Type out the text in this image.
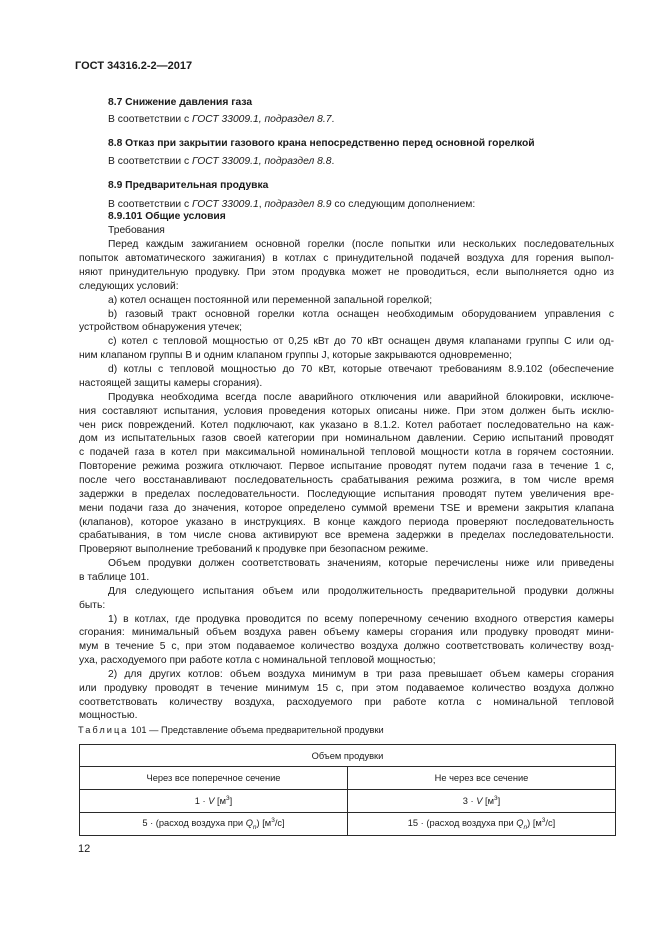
ГОСТ 34316.2-2—2017
8.7 Снижение давления газа
В соответствии с ГОСТ 33009.1, подраздел 8.7.
8.8 Отказ при закрытии газового крана непосредственно перед основной горелкой
В соответствии с ГОСТ 33009.1, подраздел 8.8.
8.9 Предварительная продувка
В соответствии с ГОСТ 33009.1, подраздел 8.9 со следующим дополнением:
8.9.101 Общие условия
Требования
Перед каждым зажиганием основной горелки (после попытки или нескольких последовательных
попыток автоматического зажигания) в котлах с принудительной подачей воздуха для горения выпол-
няют принудительную продувку. При этом продувка может не проводиться, если выполняется одно из
следующих условий:
а) котел оснащен постоянной или переменной запальной горелкой;
b) газовый тракт основной горелки котла оснащен необходимым оборудованием управления с
устройством обнаружения утечек;
с) котел с тепловой мощностью от 0,25 кВт до 70 кВт оснащен двумя клапанами группы С или од-
ним клапаном группы В и одним клапаном группы J, которые закрываются одновременно;
d) котлы с тепловой мощностью до 70 кВт, которые отвечают требованиям 8.9.102 (обеспечение
настоящей защиты камеры сгорания).
Продувка необходима всегда после аварийного отключения или аварийной блокировки, исключе-
ния составляют испытания, условия проведения которых описаны ниже. При этом должен быть исклю-
чен риск повреждений. Котел подключают, как указано в 8.1.2. Котел работает последовательно на каж-
дом из испытательных газов своей категории при номинальном давлении. Серию испытаний проводят
с подачей газа в котел при максимальной номинальной тепловой мощности котла в горячем состоянии.
Повторение режима розжига отключают. Первое испытание проводят путем подачи газа в течение 1 с,
после чего восстанавливают последовательность срабатывания режима розжига, в том числе время
задержки в пределах последовательности. Последующие испытания проводят путем увеличения вре-
мени подачи газа до значения, которое определено суммой времени TSE и времени закрытия клапана
(клапанов), которое указано в инструкциях. В конце каждого периода проверяют последовательность
срабатывания, в том числе снова активируют все времена задержки в пределах последовательности.
Проверяют выполнение требований к продувке при безопасном режиме.
Объем продувки должен соответствовать значениям, которые перечислены ниже или приведены
в таблице 101.
Для следующего испытания объем или продолжительность предварительной продувки должны
быть:
1) в котлах, где продувка проводится по всему поперечному сечению входного отверстия камеры
сгорания: минимальный объем воздуха равен объему камеры сгорания или продувку проводят мини-
мум в течение 5 с, при этом подаваемое количество воздуха должно соответствовать количеству возд-
уха, расходуемого при работе котла с номинальной тепловой мощностью;
2) для других котлов: объем воздуха минимум в три раза превышает объем камеры сгорания
или продувку проводят в течение минимум 15 с, при этом подаваемое количество воздуха должно
соответствовать количеству воздуха, расходуемого при работе котла с номинальной тепловой
мощностью.
Таблица 101 — Представление объема предварительной продувки
Объем продувки	
Через все поперечное сечение	Не через все сечение
1 · V $[м^3]$	3 · V $[м^3]$
5 · (расход воздуха при $Q_n$) $[м^3/с]$	15 · (расход воздуха при $Q_n$) $[м^3/с]$
12
